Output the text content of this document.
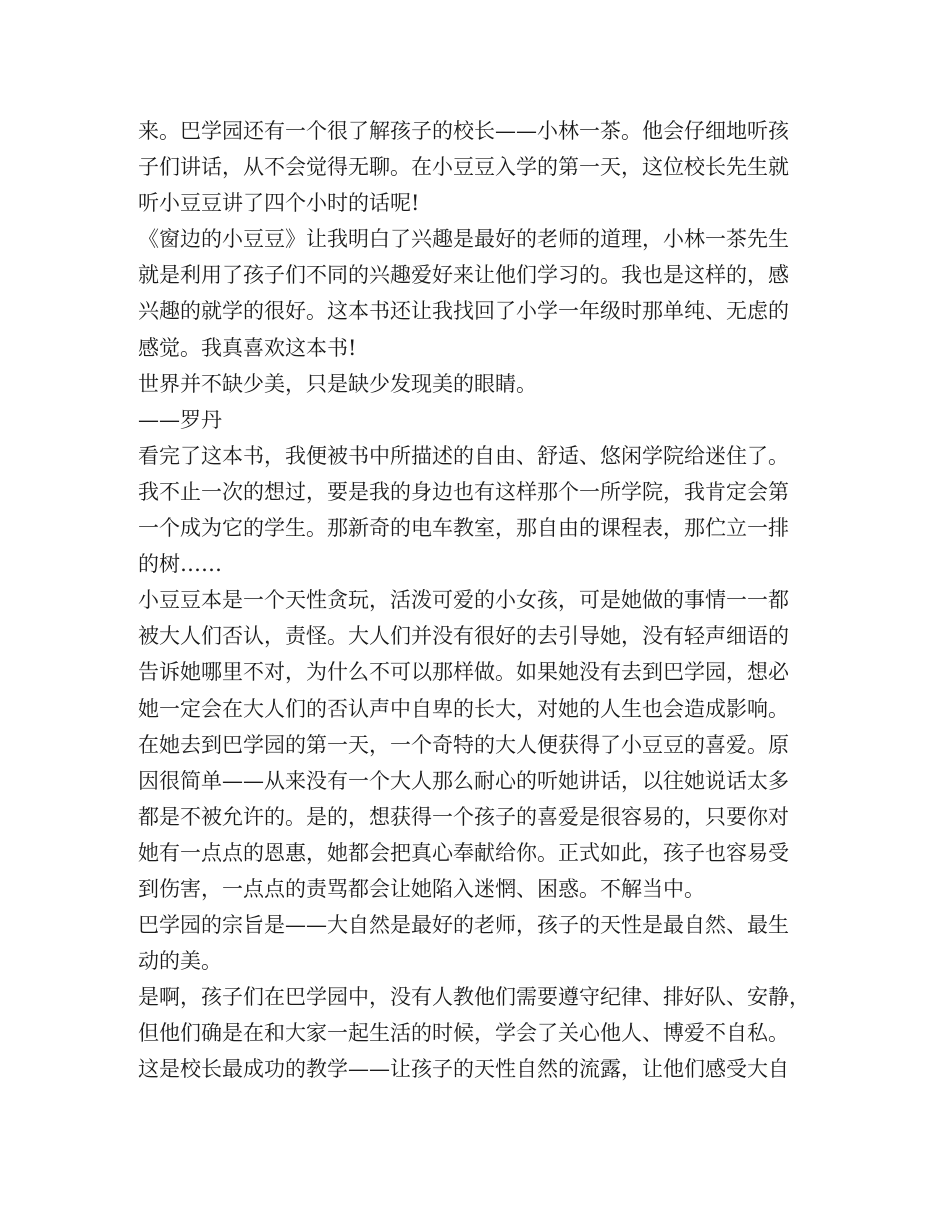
来。巴学园还有一个很了解孩子的校长——小林一茶。他会仔细地听孩
子们讲话，从不会觉得无聊。在小豆豆入学的第一天，这位校长先生就
听小豆豆讲了四个小时的话呢!
《窗边的小豆豆》让我明白了兴趣是最好的老师的道理，小林一茶先生
就是利用了孩子们不同的兴趣爱好来让他们学习的。我也是这样的，感
兴趣的就学的很好。这本书还让我找回了小学一年级时那单纯、无虑的
感觉。我真喜欢这本书!
世界并不缺少美，只是缺少发现美的眼睛。
——罗丹
看完了这本书，我便被书中所描述的自由、舒适、悠闲学院给迷住了。
我不止一次的想过，要是我的身边也有这样那个一所学院，我肯定会第
一个成为它的学生。那新奇的电车教室，那自由的课程表，那伫立一排
的树……
小豆豆本是一个天性贪玩，活泼可爱的小女孩，可是她做的事情一一都
被大人们否认，责怪。大人们并没有很好的去引导她，没有轻声细语的
告诉她哪里不对，为什么不可以那样做。如果她没有去到巴学园，想必
她一定会在大人们的否认声中自卑的长大，对她的人生也会造成影响。
在她去到巴学园的第一天，一个奇特的大人便获得了小豆豆的喜爱。原
因很简单——从来没有一个大人那么耐心的听她讲话，以往她说话太多
都是不被允许的。是的，想获得一个孩子的喜爱是很容易的，只要你对
她有一点点的恩惠，她都会把真心奉献给你。正式如此，孩子也容易受
到伤害，一点点的责骂都会让她陷入迷惘、困惑。不解当中。
巴学园的宗旨是——大自然是最好的老师，孩子的天性是最自然、最生
动的美。
是啊，孩子们在巴学园中，没有人教他们需要遵守纪律、排好队、安静，
但他们确是在和大家一起生活的时候，学会了关心他人、博爱不自私。
这是校长最成功的教学——让孩子的天性自然的流露，让他们感受大自
